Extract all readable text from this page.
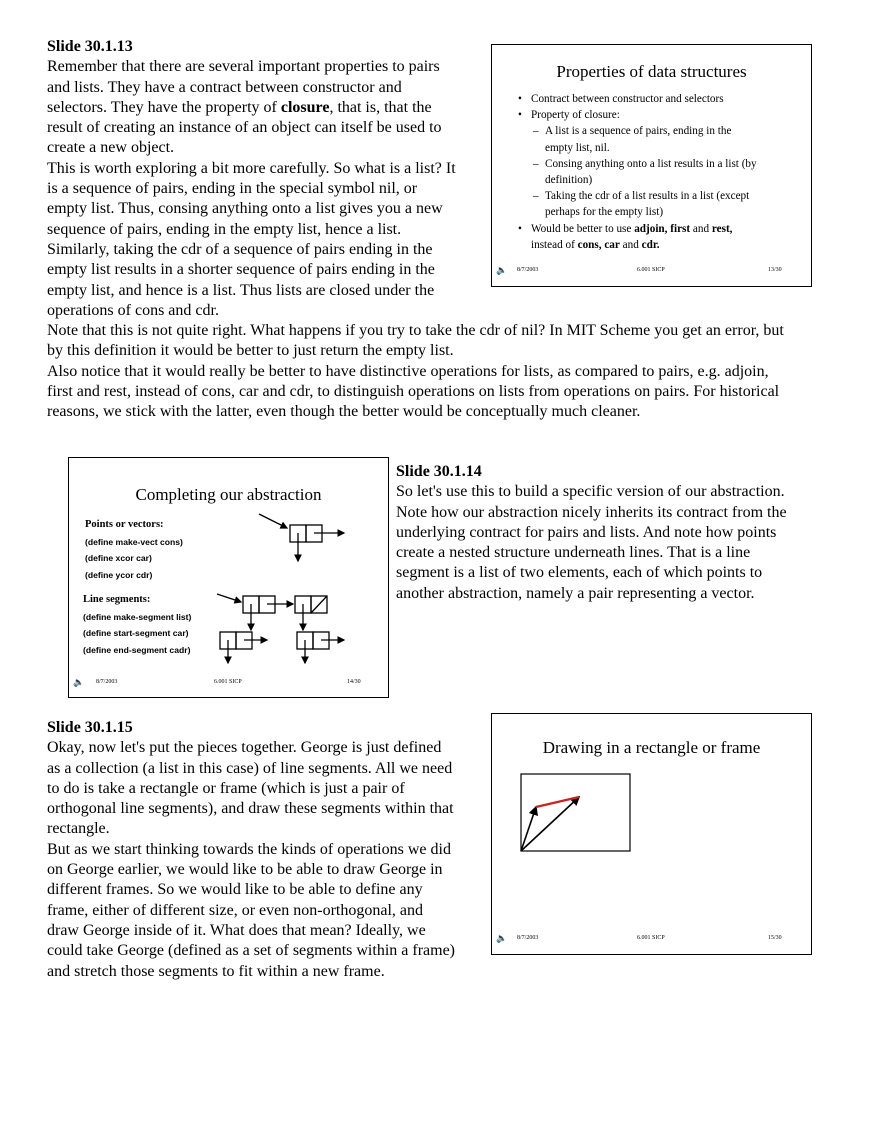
Slide 30.1.13

Remember that there are several important properties to pairs

and lists. They have a contract between constructor and

selectors. They have the property of closure, that is, that the

result of creating an instance of an object can itself be used to

create a new object.

This is worth exploring a bit more carefully. So what is a list? It

is a sequence of pairs, ending in the special symbol nil, or

empty list. Thus, consing anything onto a list gives you a new

sequence of pairs, ending in the empty list, hence a list.

Similarly, taking the cdr of a sequence of pairs ending in the

empty list results in a shorter sequence of pairs ending in the

empty list, and hence is a list. Thus lists are closed under the

operations of cons and cdr.

Note that this is not quite right. What happens if you try to take the cdr of nil? In MIT Scheme you get an error, but

by this definition it would be better to just return the empty list.

Also notice that it would really be better to have distinctive operations for lists, as compared to pairs, e.g. adjoin,

first and rest, instead of cons, car and cdr, to distinguish operations on lists from operations on pairs. For historical

reasons, we stick with the latter, even though the better would be conceptually much cleaner.

Properties of data structures
• Contract between constructor and selectors
• Property of closure:
– A list is a sequence of pairs, ending in the
empty list, nil.
– Consing anything onto a list results in a list (by
definition)
– Taking the cdr of a list results in a list (except
perhaps for the empty list)
• Would be better to use adjoin, first and rest,
instead of cons, car and cdr.
🔈 8/7/2003	6.001 SICP	13/30
Completing our abstraction
Points or vectors:
(define make-vect cons)
(define xcor car)
(define ycor cdr)
Line segments:
(define make-segment list)
(define start-segment car)
(define end-segment cadr)
🔈 8/7/2003	6.001 SICP	14/30

Slide 30.1.14

So let's use this to build a specific version of our abstraction.

Note how our abstraction nicely inherits its contract from the

underlying contract for pairs and lists. And note how points

create a nested structure underneath lines. That is a line

segment is a list of two elements, each of which points to

another abstraction, namely a pair representing a vector.

Slide 30.1.15

Okay, now let's put the pieces together. George is just defined

as a collection (a list in this case) of line segments. All we need

to do is take a rectangle or frame (which is just a pair of

orthogonal line segments), and draw these segments within that

rectangle.

But as we start thinking towards the kinds of operations we did

on George earlier, we would like to be able to draw George in

different frames. So we would like to be able to define any

frame, either of different size, or even non-orthogonal, and

draw George inside of it. What does that mean? Ideally, we

could take George (defined as a set of segments within a frame)

and stretch those segments to fit within a new frame.

Drawing in a rectangle or frame
🔈 8/7/2003	6.001 SICP	15/30
